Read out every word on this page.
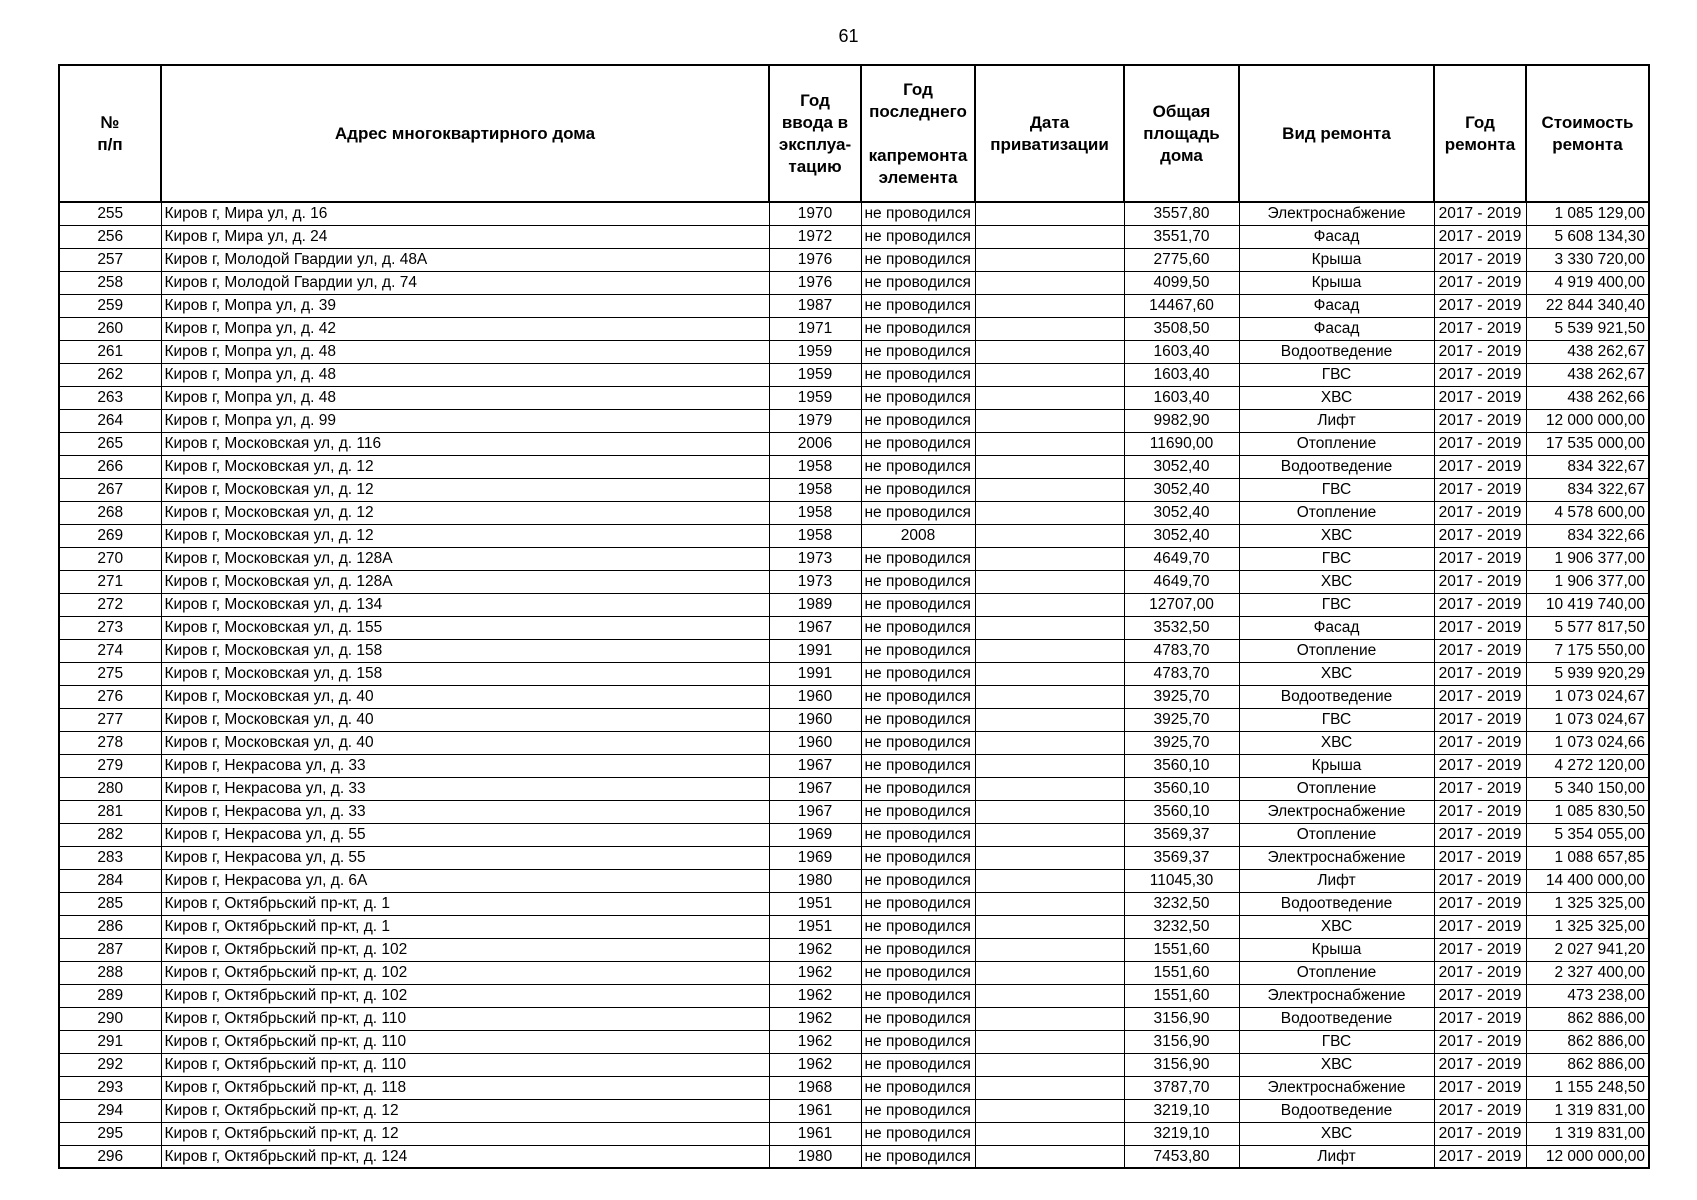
61
№
п/п	Адрес многоквартирного дома	Год
ввода в
эксплуа-
тацию	Год
последнего

капремонта
элемента	Дата
приватизации	Общая
площадь
дома	Вид ремонта	Год
ремонта	Стоимость
ремонта

255	Киров г, Мира ул, д. 16	1970	не проводился		3557,80	Электроснабжение	2017 - 2019	1 085 129,00
256	Киров г, Мира ул, д. 24	1972	не проводился		3551,70	Фасад	2017 - 2019	5 608 134,30
257	Киров г, Молодой Гвардии ул, д. 48А	1976	не проводился		2775,60	Крыша	2017 - 2019	3 330 720,00
258	Киров г, Молодой Гвардии ул, д. 74	1976	не проводился		4099,50	Крыша	2017 - 2019	4 919 400,00
259	Киров г, Мопра ул, д. 39	1987	не проводился		14467,60	Фасад	2017 - 2019	22 844 340,40
260	Киров г, Мопра ул, д. 42	1971	не проводился		3508,50	Фасад	2017 - 2019	5 539 921,50
261	Киров г, Мопра ул, д. 48	1959	не проводился		1603,40	Водоотведение	2017 - 2019	438 262,67
262	Киров г, Мопра ул, д. 48	1959	не проводился		1603,40	ГВС	2017 - 2019	438 262,67
263	Киров г, Мопра ул, д. 48	1959	не проводился		1603,40	ХВС	2017 - 2019	438 262,66
264	Киров г, Мопра ул, д. 99	1979	не проводился		9982,90	Лифт	2017 - 2019	12 000 000,00
265	Киров г, Московская ул, д. 116	2006	не проводился		11690,00	Отопление	2017 - 2019	17 535 000,00
266	Киров г, Московская ул, д. 12	1958	не проводился		3052,40	Водоотведение	2017 - 2019	834 322,67
267	Киров г, Московская ул, д. 12	1958	не проводился		3052,40	ГВС	2017 - 2019	834 322,67
268	Киров г, Московская ул, д. 12	1958	не проводился		3052,40	Отопление	2017 - 2019	4 578 600,00
269	Киров г, Московская ул, д. 12	1958	2008		3052,40	ХВС	2017 - 2019	834 322,66
270	Киров г, Московская ул, д. 128А	1973	не проводился		4649,70	ГВС	2017 - 2019	1 906 377,00
271	Киров г, Московская ул, д. 128А	1973	не проводился		4649,70	ХВС	2017 - 2019	1 906 377,00
272	Киров г, Московская ул, д. 134	1989	не проводился		12707,00	ГВС	2017 - 2019	10 419 740,00
273	Киров г, Московская ул, д. 155	1967	не проводился		3532,50	Фасад	2017 - 2019	5 577 817,50
274	Киров г, Московская ул, д. 158	1991	не проводился		4783,70	Отопление	2017 - 2019	7 175 550,00
275	Киров г, Московская ул, д. 158	1991	не проводился		4783,70	ХВС	2017 - 2019	5 939 920,29
276	Киров г, Московская ул, д. 40	1960	не проводился		3925,70	Водоотведение	2017 - 2019	1 073 024,67
277	Киров г, Московская ул, д. 40	1960	не проводился		3925,70	ГВС	2017 - 2019	1 073 024,67
278	Киров г, Московская ул, д. 40	1960	не проводился		3925,70	ХВС	2017 - 2019	1 073 024,66
279	Киров г, Некрасова ул, д. 33	1967	не проводился		3560,10	Крыша	2017 - 2019	4 272 120,00
280	Киров г, Некрасова ул, д. 33	1967	не проводился		3560,10	Отопление	2017 - 2019	5 340 150,00
281	Киров г, Некрасова ул, д. 33	1967	не проводился		3560,10	Электроснабжение	2017 - 2019	1 085 830,50
282	Киров г, Некрасова ул, д. 55	1969	не проводился		3569,37	Отопление	2017 - 2019	5 354 055,00
283	Киров г, Некрасова ул, д. 55	1969	не проводился		3569,37	Электроснабжение	2017 - 2019	1 088 657,85
284	Киров г, Некрасова ул, д. 6А	1980	не проводился		11045,30	Лифт	2017 - 2019	14 400 000,00
285	Киров г, Октябрьский пр-кт, д. 1	1951	не проводился		3232,50	Водоотведение	2017 - 2019	1 325 325,00
286	Киров г, Октябрьский пр-кт, д. 1	1951	не проводился		3232,50	ХВС	2017 - 2019	1 325 325,00
287	Киров г, Октябрьский пр-кт, д. 102	1962	не проводился		1551,60	Крыша	2017 - 2019	2 027 941,20
288	Киров г, Октябрьский пр-кт, д. 102	1962	не проводился		1551,60	Отопление	2017 - 2019	2 327 400,00
289	Киров г, Октябрьский пр-кт, д. 102	1962	не проводился		1551,60	Электроснабжение	2017 - 2019	473 238,00
290	Киров г, Октябрьский пр-кт, д. 110	1962	не проводился		3156,90	Водоотведение	2017 - 2019	862 886,00
291	Киров г, Октябрьский пр-кт, д. 110	1962	не проводился		3156,90	ГВС	2017 - 2019	862 886,00
292	Киров г, Октябрьский пр-кт, д. 110	1962	не проводился		3156,90	ХВС	2017 - 2019	862 886,00
293	Киров г, Октябрьский пр-кт, д. 118	1968	не проводился		3787,70	Электроснабжение	2017 - 2019	1 155 248,50
294	Киров г, Октябрьский пр-кт, д. 12	1961	не проводился		3219,10	Водоотведение	2017 - 2019	1 319 831,00
295	Киров г, Октябрьский пр-кт, д. 12	1961	не проводился		3219,10	ХВС	2017 - 2019	1 319 831,00
296	Киров г, Октябрьский пр-кт, д. 124	1980	не проводился		7453,80	Лифт	2017 - 2019	12 000 000,00
